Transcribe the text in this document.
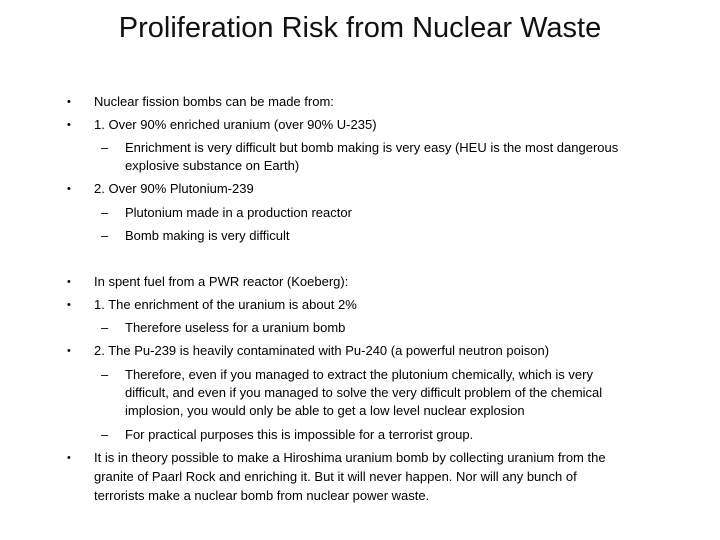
Proliferation Risk from Nuclear Waste
• Nuclear fission bombs can be made from:
• 1. Over 90% enriched uranium (over 90% U-235)
– Enrichment is very difficult but bomb making is very easy (HEU is the most dangerous
explosive substance on Earth)
• 2. Over 90% Plutonium-239
– Plutonium made in a production reactor
– Bomb making is very difficult
• In spent fuel from a PWR reactor (Koeberg):
• 1. The enrichment of the uranium is about 2%
– Therefore useless for a uranium bomb
• 2. The Pu-239 is heavily contaminated with Pu-240 (a powerful neutron poison)
– Therefore, even if you managed to extract the plutonium chemically, which is very
difficult, and even if you managed to solve the very difficult problem of the chemical
implosion, you would only be able to get a low level nuclear explosion
– For practical purposes this is impossible for a terrorist group.
• It is in theory possible to make a Hiroshima uranium bomb by collecting uranium from the
granite of Paarl Rock and enriching it. But it will never happen. Nor will any bunch of
terrorists make a nuclear bomb from nuclear power waste.
